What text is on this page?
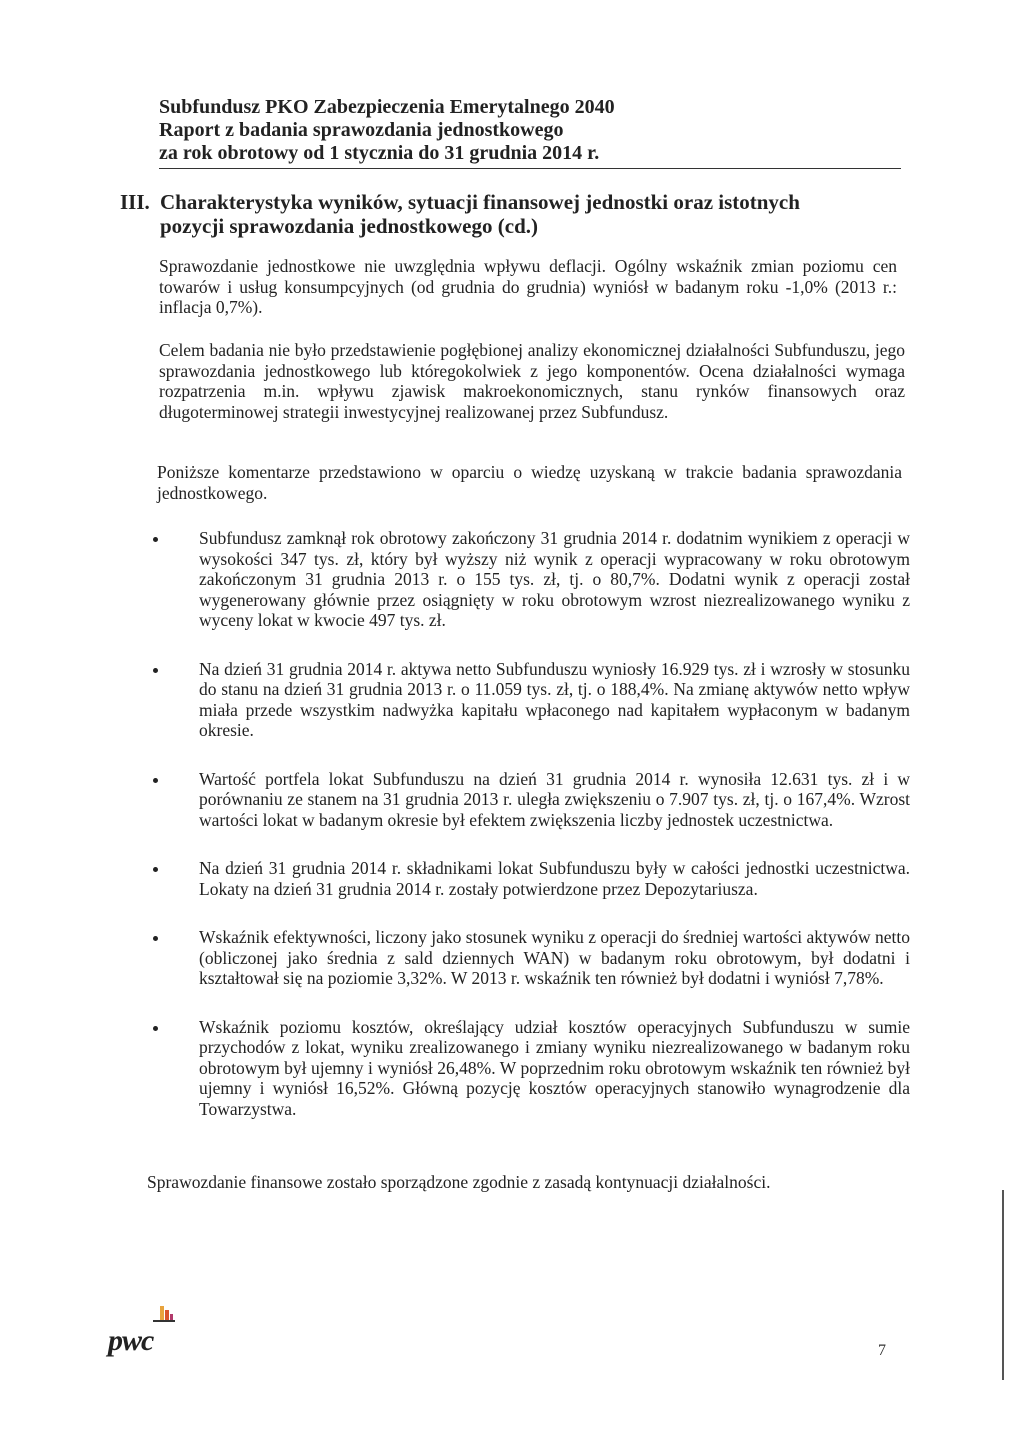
Subfundusz PKO Zabezpieczenia Emerytalnego 2040
Raport z badania sprawozdania jednostkowego
za rok obrotowy od 1 stycznia do 31 grudnia 2014 r.
III. Charakterystyka wyników, sytuacji finansowej jednostki oraz istotnych
pozycji sprawozdania jednostkowego (cd.)
Sprawozdanie jednostkowe nie uwzględnia wpływu deflacji. Ogólny wskaźnik zmian poziomu cen towarów i usług konsumpcyjnych (od grudnia do grudnia) wyniósł w badanym roku -1,0% (2013 r.: inflacja 0,7%).
Celem badania nie było przedstawienie pogłębionej analizy ekonomicznej działalności Subfunduszu, jego sprawozdania jednostkowego lub któregokolwiek z jego komponentów. Ocena działalności wymaga rozpatrzenia m.in. wpływu zjawisk makroekonomicznych, stanu rynków finansowych oraz długoterminowej strategii inwestycyjnej realizowanej przez Subfundusz.
Poniższe komentarze przedstawiono w oparciu o wiedzę uzyskaną w trakcie badania sprawozdania jednostkowego.
Subfundusz zamknął rok obrotowy zakończony 31 grudnia 2014 r. dodatnim wynikiem z operacji w wysokości 347 tys. zł, który był wyższy niż wynik z operacji wypracowany w roku obrotowym zakończonym 31 grudnia 2013 r. o 155 tys. zł, tj. o 80,7%. Dodatni wynik z operacji został wygenerowany głównie przez osiągnięty w roku obrotowym wzrost niezrealizowanego wyniku z wyceny lokat w kwocie 497 tys. zł.
Na dzień 31 grudnia 2014 r. aktywa netto Subfunduszu wyniosły 16.929 tys. zł i wzrosły w stosunku do stanu na dzień 31 grudnia 2013 r. o 11.059 tys. zł, tj. o 188,4%. Na zmianę aktywów netto wpływ miała przede wszystkim nadwyżka kapitału wpłaconego nad kapitałem wypłaconym w badanym okresie.
Wartość portfela lokat Subfunduszu na dzień 31 grudnia 2014 r. wynosiła 12.631 tys. zł i w porównaniu ze stanem na 31 grudnia 2013 r. uległa zwiększeniu o 7.907 tys. zł, tj. o 167,4%. Wzrost wartości lokat w badanym okresie był efektem zwiększenia liczby jednostek uczestnictwa.
Na dzień 31 grudnia 2014 r. składnikami lokat Subfunduszu były w całości jednostki uczestnictwa. Lokaty na dzień 31 grudnia 2014 r. zostały potwierdzone przez Depozytariusza.
Wskaźnik efektywności, liczony jako stosunek wyniku z operacji do średniej wartości aktywów netto (obliczonej jako średnia z sald dziennych WAN) w badanym roku obrotowym, był dodatni i kształtował się na poziomie 3,32%. W 2013 r. wskaźnik ten również był dodatni i wyniósł 7,78%.
Wskaźnik poziomu kosztów, określający udział kosztów operacyjnych Subfunduszu w sumie przychodów z lokat, wyniku zrealizowanego i zmiany wyniku niezrealizowanego w badanym roku obrotowym był ujemny i wyniósł 26,48%. W poprzednim roku obrotowym wskaźnik ten również był ujemny i wyniósł 16,52%. Główną pozycję kosztów operacyjnych stanowiło wynagrodzenie dla Towarzystwa.
Sprawozdanie finansowe zostało sporządzone zgodnie z zasadą kontynuacji działalności.
pwc	7
